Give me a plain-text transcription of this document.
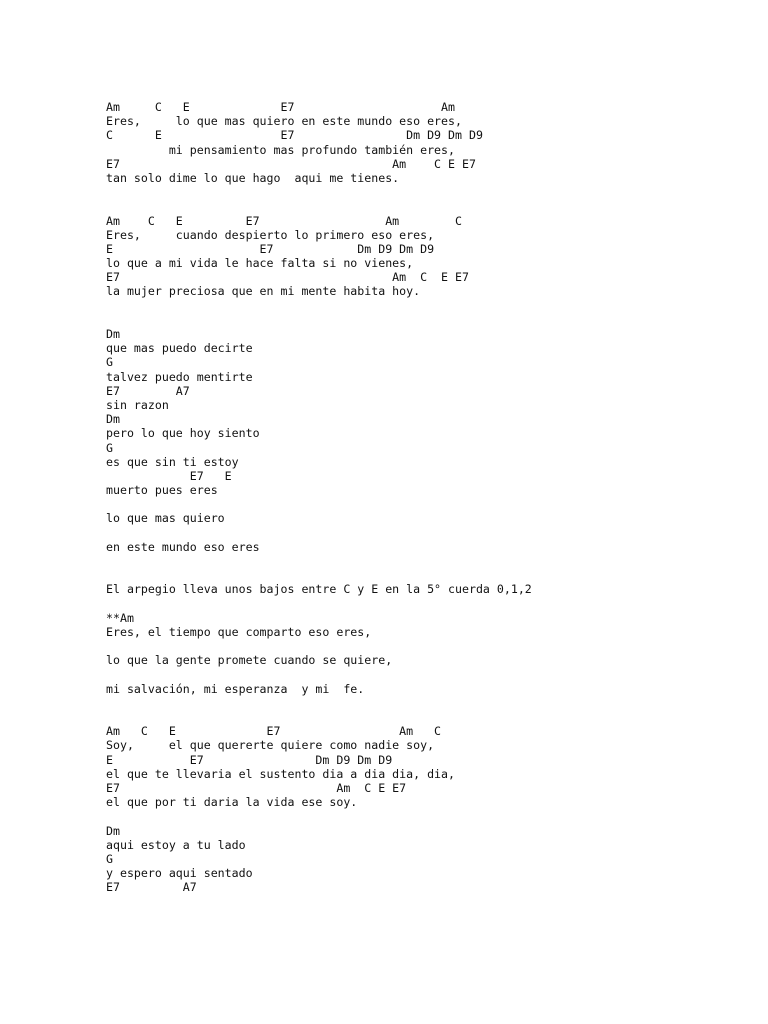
Am     C   E             E7                     Am
Eres,     lo que mas quiero en este mundo eso eres,
C      E                 E7                Dm D9 Dm D9
mi pensamiento mas profundo también eres,
E7                                       Am    C E E7
tan solo dime lo que hago  aqui me tienes.
Am    C   E         E7                  Am        C
Eres,     cuando despierto lo primero eso eres,
E                     E7            Dm D9 Dm D9
lo que a mi vida le hace falta si no vienes,
E7                                       Am  C  E E7
la mujer preciosa que en mi mente habita hoy.
Dm
que mas puedo decirte
G
talvez puedo mentirte
E7        A7
sin razon
Dm
pero lo que hoy siento
G
es que sin ti estoy
E7   E
muerto pues eres
lo que mas quiero
en este mundo eso eres
El arpegio lleva unos bajos entre C y E en la 5° cuerda 0,1,2
**Am
Eres, el tiempo que comparto eso eres,
lo que la gente promete cuando se quiere,
mi salvación, mi esperanza  y mi  fe.
Am   C   E             E7                 Am   C
Soy,     el que quererte quiere como nadie soy,
E           E7                Dm D9 Dm D9
el que te llevaria el sustento dia a dia dia, dia,
E7                               Am  C E E7
el que por ti daria la vida ese soy.
Dm
aqui estoy a tu lado
G
y espero aqui sentado
E7         A7
